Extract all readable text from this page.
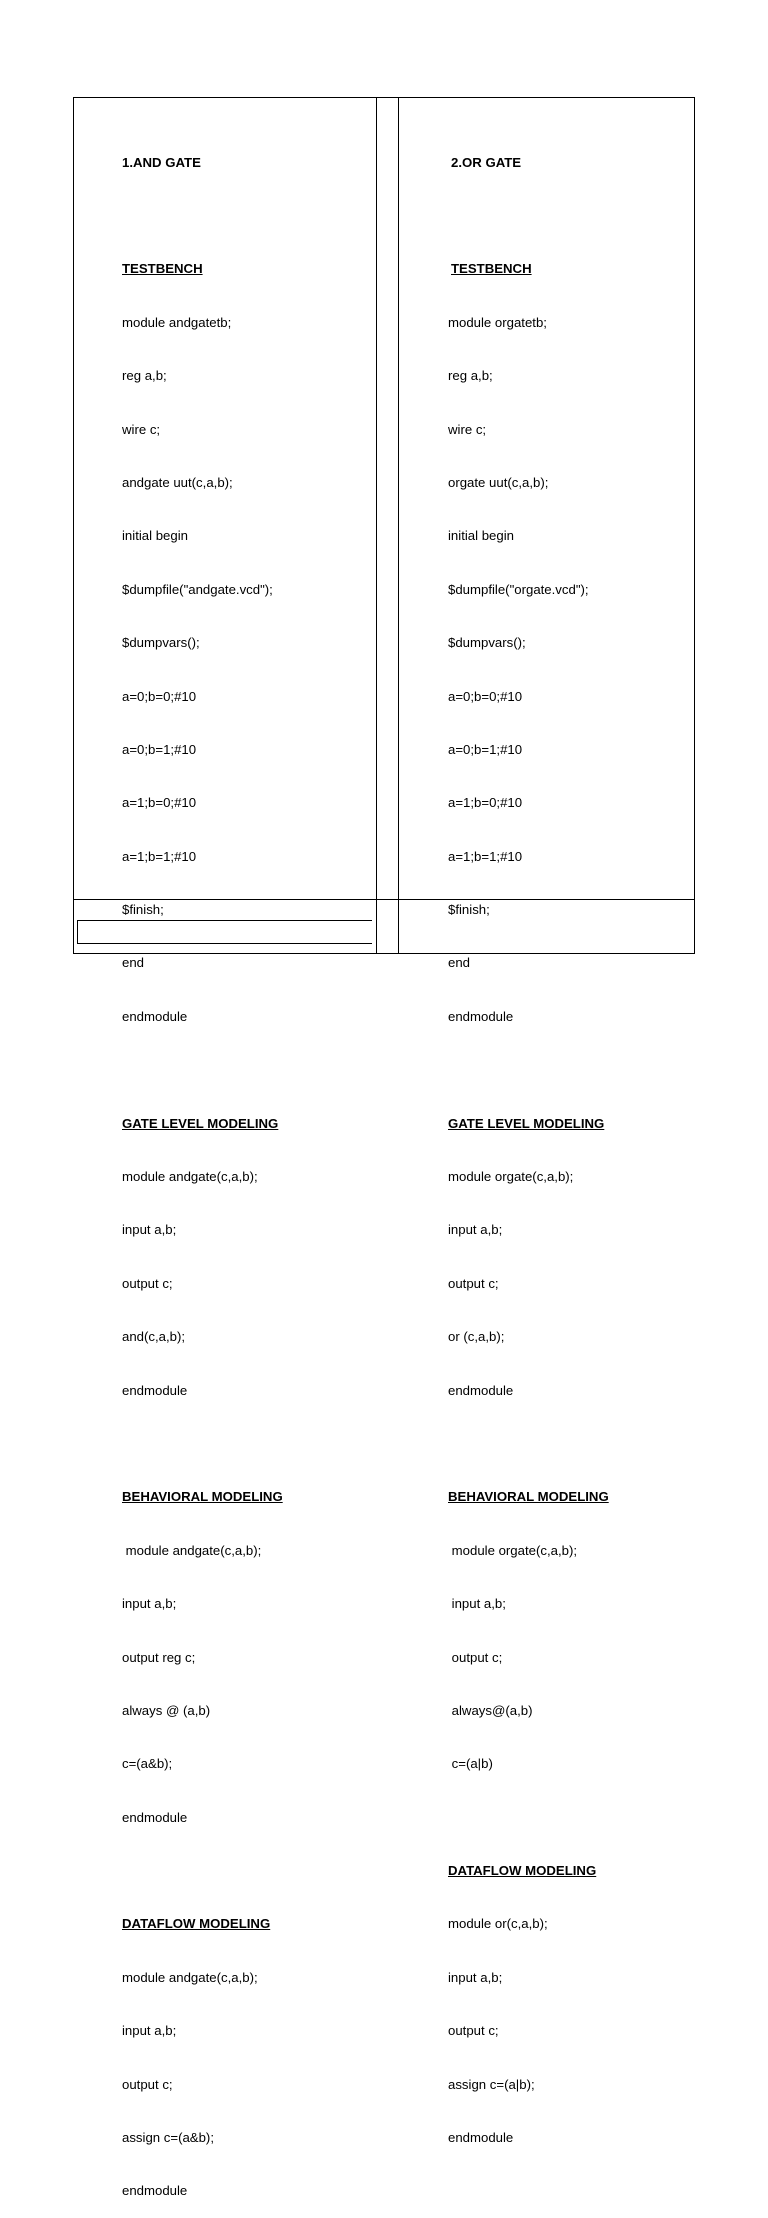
1.AND GATE

TESTBENCH

module andgatetb;

reg a,b;

wire c;

andgate uut(c,a,b);

initial begin

$dumpfile("andgate.vcd");

$dumpvars();

a=0;b=0;#10

a=0;b=1;#10

a=1;b=0;#10

a=1;b=1;#10

$finish;

end

endmodule

GATE LEVEL MODELING

module andgate(c,a,b);

input a,b;

output c;

and(c,a,b);

endmodule

BEHAVIORAL MODELING

module andgate(c,a,b);

input a,b;

output reg c;

always @ (a,b)

c=(a&b);

endmodule

DATAFLOW MODELING

module andgate(c,a,b);

input a,b;

output c;

assign c=(a&b);

endmodule

2.OR GATE

TESTBENCH

module orgatetb;

reg a,b;

wire c;

orgate uut(c,a,b);

initial begin

$dumpfile("orgate.vcd");

$dumpvars();

a=0;b=0;#10

a=0;b=1;#10

a=1;b=0;#10

a=1;b=1;#10

$finish;

end

endmodule

GATE LEVEL MODELING

module orgate(c,a,b);

input a,b;

output c;

or (c,a,b);

endmodule

BEHAVIORAL MODELING

module orgate(c,a,b);

input a,b;

output c;

always@(a,b)

c=(a|b)

DATAFLOW MODELING

module or(c,a,b);

input a,b;

output c;

assign c=(a|b);

endmodule
